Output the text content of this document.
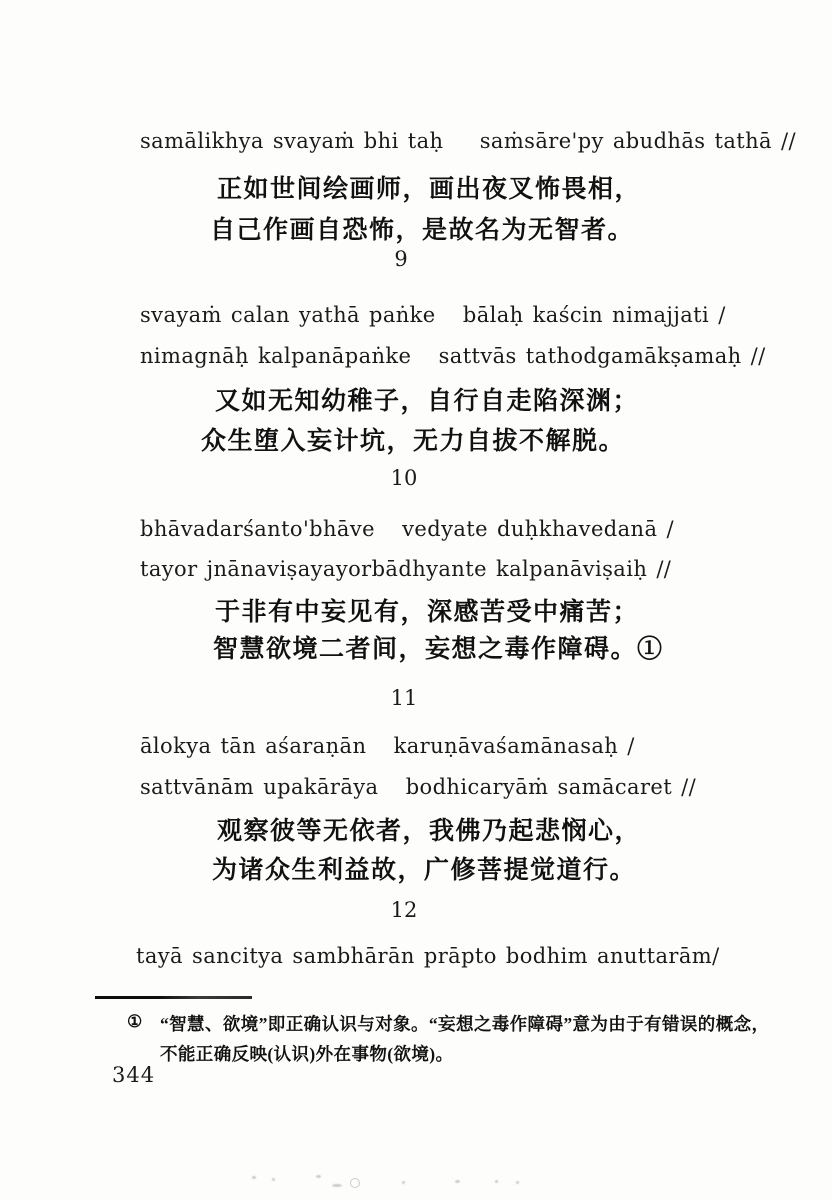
samālikhya svayaṁ bhi taḥ    saṁsāre'py abudhās tathā //
正如世间绘画师，画出夜叉怖畏相，
自己作画自恐怖，是故名为无智者。
9
svayaṁ calan yathā paṅke   bālaḥ kaścin nimajjati /
nimagnāḥ kalpanāpaṅke   sattvās tathodgamākṣamaḥ //
又如无知幼稚子，自行自走陷深渊；
众生堕入妄计坑，无力自拔不解脱。
10
bhāvadarśanto'bhāve   vedyate duḥkhavedanā /
tayor jnānaviṣayayorbādhyante kalpanāviṣaiḥ //
于非有中妄见有，深感苦受中痛苦；
智慧欲境二者间，妄想之毒作障碍。①
11
ālokya tān aśaraṇān   karuṇāvaśamānasaḥ /
sattvānām upakārāya   bodhicaryāṁ samācaret //
观察彼等无依者，我佛乃起悲悯心，
为诸众生利益故，广修菩提觉道行。
12
tayā sancitya sambhārān prāpto bodhim anuttarām/
① “智慧、欲境”即正确认识与对象。“妄想之毒作障碍”意为由于有错误的概念，
不能正确反映(认识)外在事物(欲境)。
344
